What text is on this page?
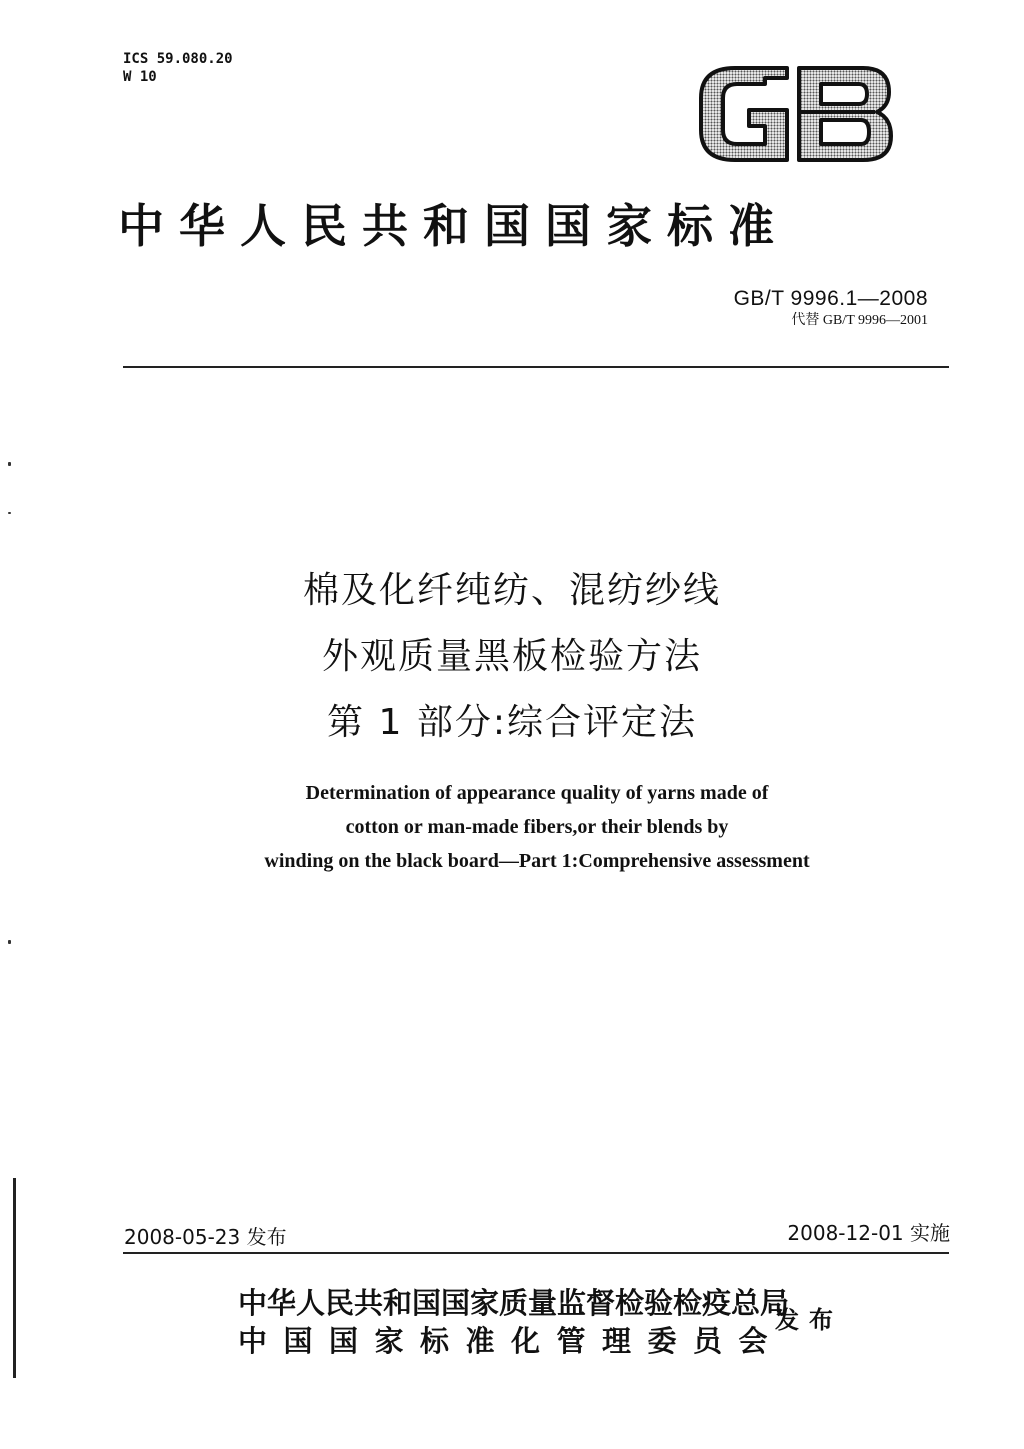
ICS 59.080.20
W 10
中华人民共和国国家标准
GB/T 9996.1—2008
代替 GB/T 9996—2001
棉及化纤纯纺、混纺纱线
外观质量黑板检验方法
第 1 部分:综合评定法
Determination of appearance quality of yarns made of
cotton or man-made fibers,or their blends by
winding on the black board—Part 1:Comprehensive assessment
2008-05-23 发布	2008-12-01 实施
中华人民共和国国家质量监督检验检疫总局
中国国家标准化管理委员会
发布
